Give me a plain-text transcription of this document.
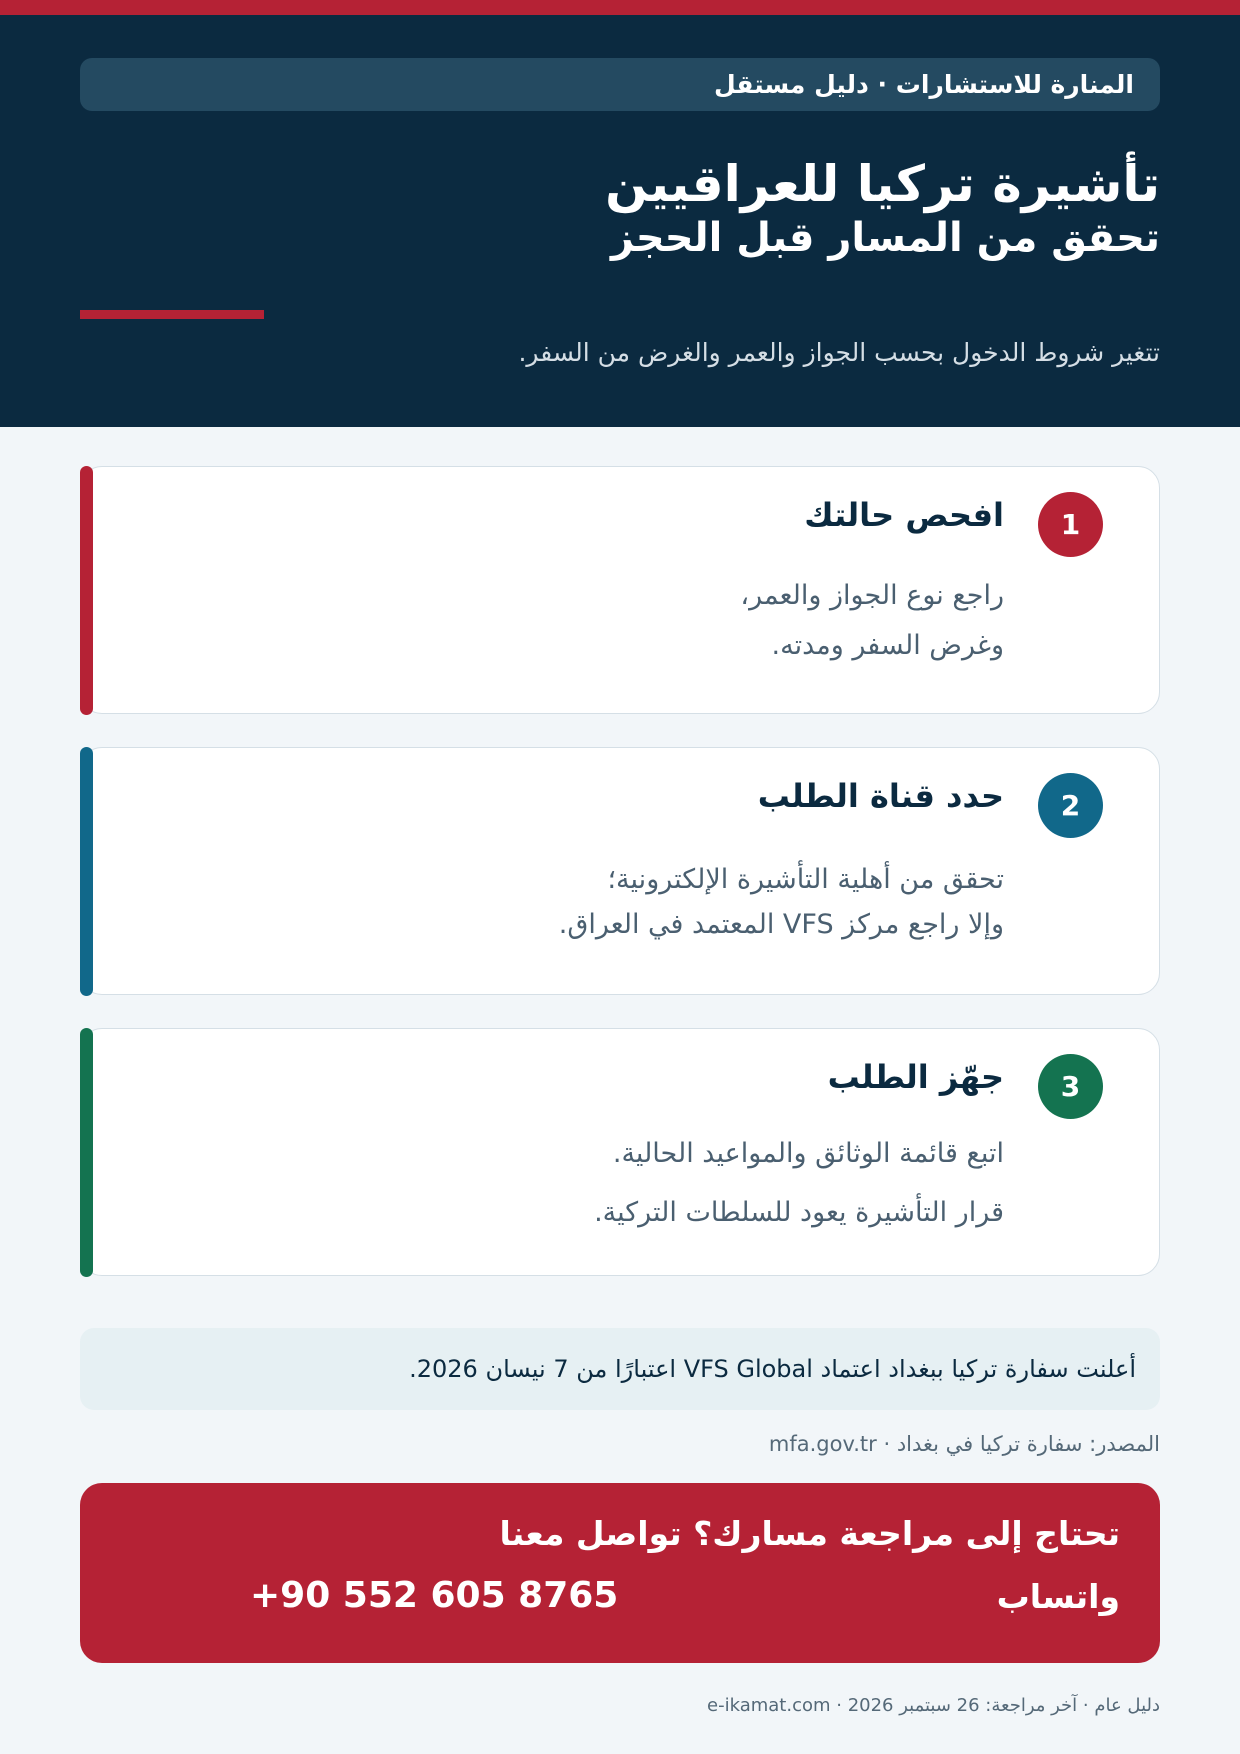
المنارة للاستشارات · دليل مستقل
تأشيرة تركيا للعراقيين
تحقق من المسار قبل الحجز

تتغير شروط الدخول بحسب الجواز والعمر والغرض من السفر.

1
افحص حالتك
راجع نوع الجواز والعمر،
وغرض السفر ومدته.
2
حدد قناة الطلب
تحقق من أهلية التأشيرة الإلكترونية؛
وإلا راجع مركز VFS المعتمد في العراق.
3
جهّز الطلب
اتبع قائمة الوثائق والمواعيد الحالية.
قرار التأشيرة يعود للسلطات التركية.
أعلنت سفارة تركيا ببغداد اعتماد VFS Global اعتبارًا من 7 نيسان 2026.
المصدر: سفارة تركيا في بغداد · mfa.gov.tr
تحتاج إلى مراجعة مسارك؟ تواصل معنا
واتساب
+90 552 605 8765
دليل عام · آخر مراجعة: 26 سبتمبر 2026 · e-ikamat.com
